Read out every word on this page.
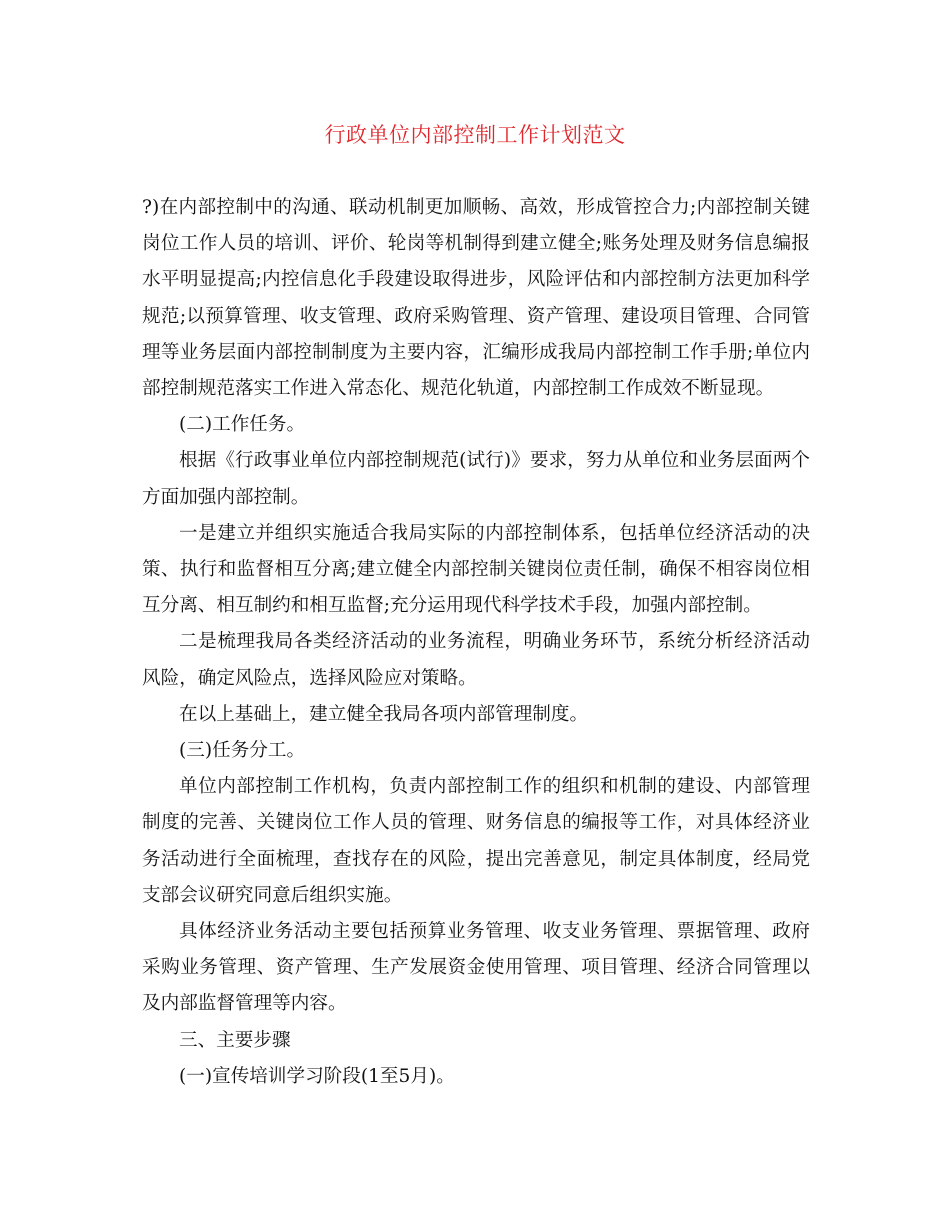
行政单位内部控制工作计划范文

?)在内部控制中的沟通、联动机制更加顺畅、高效，形成管控合力;内部控制关键岗位工作人员的培训、评价、轮岗等机制得到建立健全;账务处理及财务信息编报水平明显提高;内控信息化手段建设取得进步，风险评估和内部控制方法更加科学规范;以预算管理、收支管理、政府采购管理、资产管理、建设项目管理、合同管理等业务层面内部控制制度为主要内容，汇编形成我局内部控制工作手册;单位内部控制规范落实工作进入常态化、规范化轨道，内部控制工作成效不断显现。

(二)工作任务。

根据《行政事业单位内部控制规范(试行)》要求，努力从单位和业务层面两个方面加强内部控制。

一是建立并组织实施适合我局实际的内部控制体系，包括单位经济活动的决策、执行和监督相互分离;建立健全内部控制关键岗位责任制，确保不相容岗位相互分离、相互制约和相互监督;充分运用现代科学技术手段，加强内部控制。

二是梳理我局各类经济活动的业务流程，明确业务环节，系统分析经济活动风险，确定风险点，选择风险应对策略。

在以上基础上，建立健全我局各项内部管理制度。

(三)任务分工。

单位内部控制工作机构，负责内部控制工作的组织和机制的建设、内部管理制度的完善、关键岗位工作人员的管理、财务信息的编报等工作，对具体经济业务活动进行全面梳理，查找存在的风险，提出完善意见，制定具体制度，经局党支部会议研究同意后组织实施。

具体经济业务活动主要包括预算业务管理、收支业务管理、票据管理、政府采购业务管理、资产管理、生产发展资金使用管理、项目管理、经济合同管理以及内部监督管理等内容。

三、主要步骤

(一)宣传培训学习阶段(1至5月)。
